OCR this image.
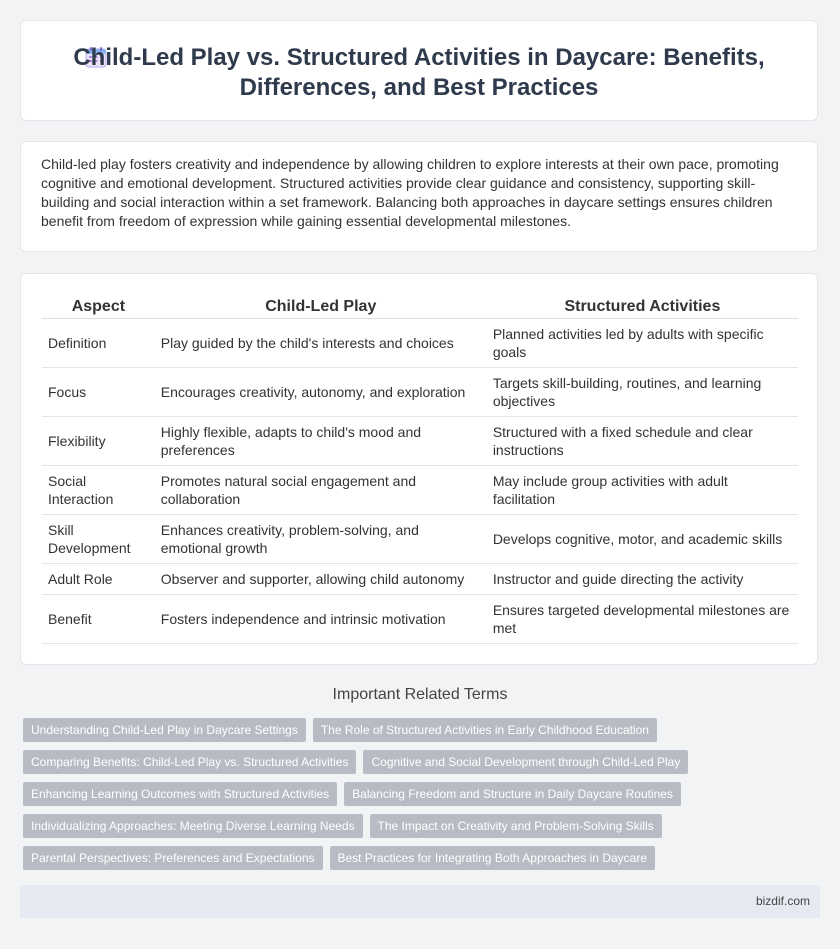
Child-Led Play vs. Structured Activities in Daycare: Benefits, Differences, and Best Practices

Child-led play fosters creativity and independence by allowing children to explore interests at their own pace, promoting cognitive and emotional development. Structured activities provide clear guidance and consistency, supporting skill-building and social interaction within a set framework. Balancing both approaches in daycare settings ensures children benefit from freedom of expression while gaining essential developmental milestones.

Aspect	Child-Led Play	Structured Activities
Definition	Play guided by the child's interests and choices	Planned activities led by adults with specific goals
Focus	Encourages creativity, autonomy, and exploration	Targets skill-building, routines, and learning objectives
Flexibility	Highly flexible, adapts to child's mood and preferences	Structured with a fixed schedule and clear instructions
Social Interaction	Promotes natural social engagement and collaboration	May include group activities with adult facilitation
Skill Development	Enhances creativity, problem-solving, and emotional growth	Develops cognitive, motor, and academic skills
Adult Role	Observer and supporter, allowing child autonomy	Instructor and guide directing the activity
Benefit	Fosters independence and intrinsic motivation	Ensures targeted developmental milestones are met
Important Related Terms
Understanding Child-Led Play in Daycare Settings The Role of Structured Activities in Early Childhood Education
Comparing Benefits: Child-Led Play vs. Structured Activities Cognitive and Social Development through Child-Led Play
Enhancing Learning Outcomes with Structured Activities Balancing Freedom and Structure in Daily Daycare Routines
Individualizing Approaches: Meeting Diverse Learning Needs The Impact on Creativity and Problem-Solving Skills
Parental Perspectives: Preferences and Expectations Best Practices for Integrating Both Approaches in Daycare
bizdif.com
